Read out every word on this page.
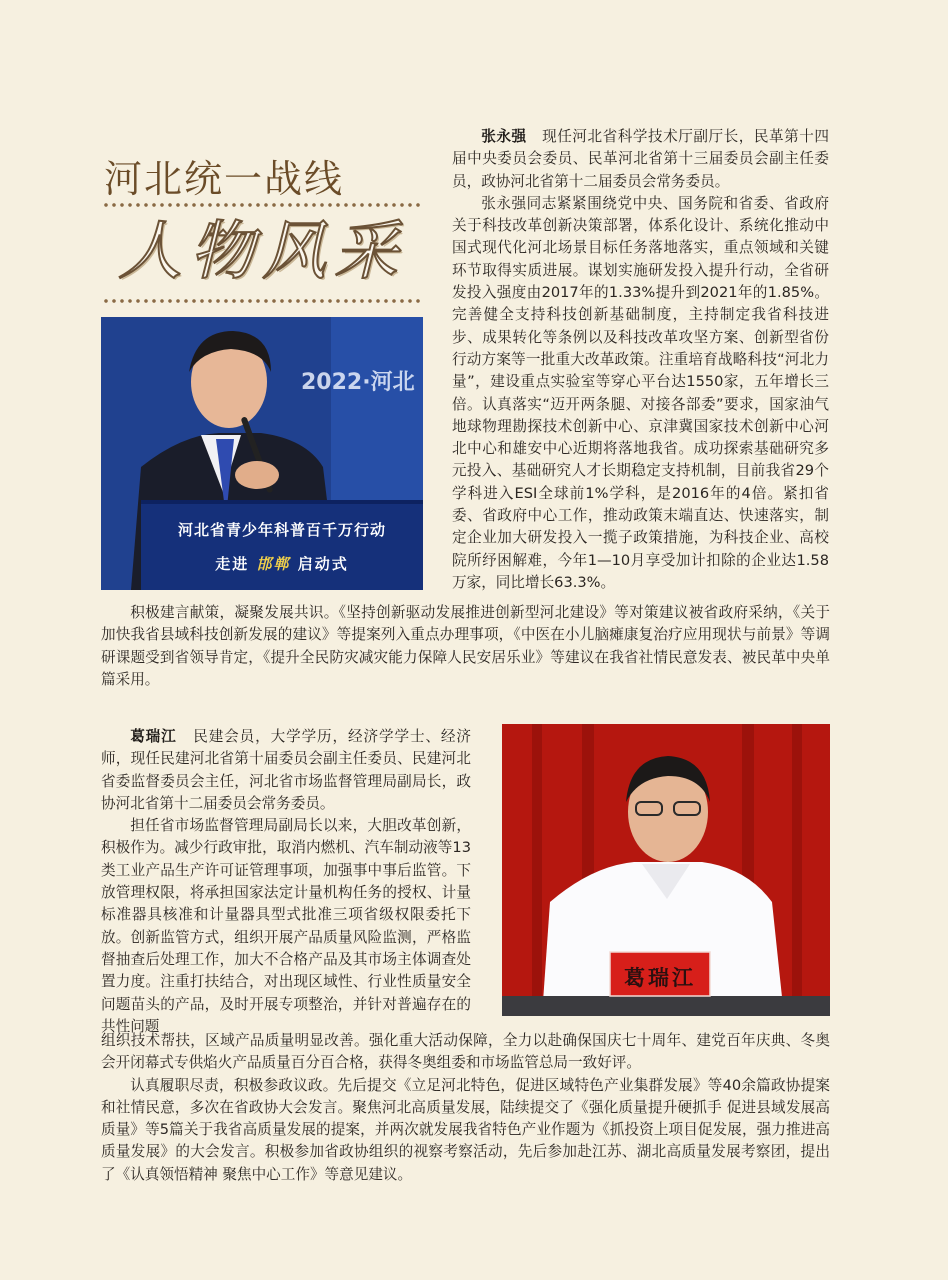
河北统一战线
人物风采
2022·河北
河北省青少年科普百千万行动
走进 邯郸 启动式

张永强 现任河北省科学技术厅副厅长，民革第十四届中央委员会委员、民革河北省第十三届委员会副主任委员，政协河北省第十二届委员会常务委员。

张永强同志紧紧围绕党中央、国务院和省委、省政府关于科技改革创新决策部署，体系化设计、系统化推动中国式现代化河北场景目标任务落地落实，重点领域和关键环节取得实质进展。谋划实施研发投入提升行动，全省研发投入强度由2017年的1.33%提升到2021年的1.85%。完善健全支持科技创新基础制度，主持制定我省科技进步、成果转化等条例以及科技改革攻坚方案、创新型省份行动方案等一批重大改革政策。注重培育战略科技“河北力量”，建设重点实验室等穿心平台达1550家，五年增长三倍。认真落实“迈开两条腿、对接各部委”要求，国家油气地球物理勘探技术创新中心、京津冀国家技术创新中心河北中心和雄安中心近期将落地我省。成功探索基础研究多元投入、基础研究人才长期稳定支持机制，目前我省29个学科进入ESI全球前1%学科，是2016年的4倍。紧扣省委、省政府中心工作，推动政策末端直达、快速落实，制定企业加大研发投入一揽子政策措施，为科技企业、高校院所纾困解难，今年1—10月享受加计扣除的企业达1.58万家，同比增长63.3%。

积极建言献策，凝聚发展共识。《坚持创新驱动发展推进创新型河北建设》等对策建议被省政府采纳，《关于加快我省县域科技创新发展的建议》等提案列入重点办理事项，《中医在小儿脑瘫康复治疗应用现状与前景》等调研课题受到省领导肯定，《提升全民防灾减灾能力保障人民安居乐业》等建议在我省社情民意发表、被民革中央单篇采用。

葛瑞江

葛瑞江 民建会员，大学学历，经济学学士、经济师，现任民建河北省第十届委员会副主任委员、民建河北省委监督委员会主任，河北省市场监督管理局副局长，政协河北省第十二届委员会常务委员。

担任省市场监督管理局副局长以来，大胆改革创新，积极作为。减少行政审批，取消内燃机、汽车制动液等13类工业产品生产许可证管理事项，加强事中事后监管。下放管理权限，将承担国家法定计量机构任务的授权、计量标准器具核准和计量器具型式批准三项省级权限委托下放。创新监管方式，组织开展产品质量风险监测，严格监督抽查后处理工作，加大不合格产品及其市场主体调查处置力度。注重打扶结合，对出现区域性、行业性质量安全问题苗头的产品，及时开展专项整治，并针对普遍存在的共性问题

组织技术帮扶，区域产品质量明显改善。强化重大活动保障，全力以赴确保国庆七十周年、建党百年庆典、冬奥会开闭幕式专供焰火产品质量百分百合格，获得冬奥组委和市场监管总局一致好评。

认真履职尽责，积极参政议政。先后提交《立足河北特色，促进区域特色产业集群发展》等40余篇政协提案和社情民意，多次在省政协大会发言。聚焦河北高质量发展，陆续提交了《强化质量提升硬抓手 促进县域发展高质量》等5篇关于我省高质量发展的提案，并两次就发展我省特色产业作题为《抓投资上项目促发展，强力推进高质量发展》的大会发言。积极参加省政协组织的视察考察活动，先后参加赴江苏、湖北高质量发展考察团，提出了《认真领悟精神 聚焦中心工作》等意见建议。
